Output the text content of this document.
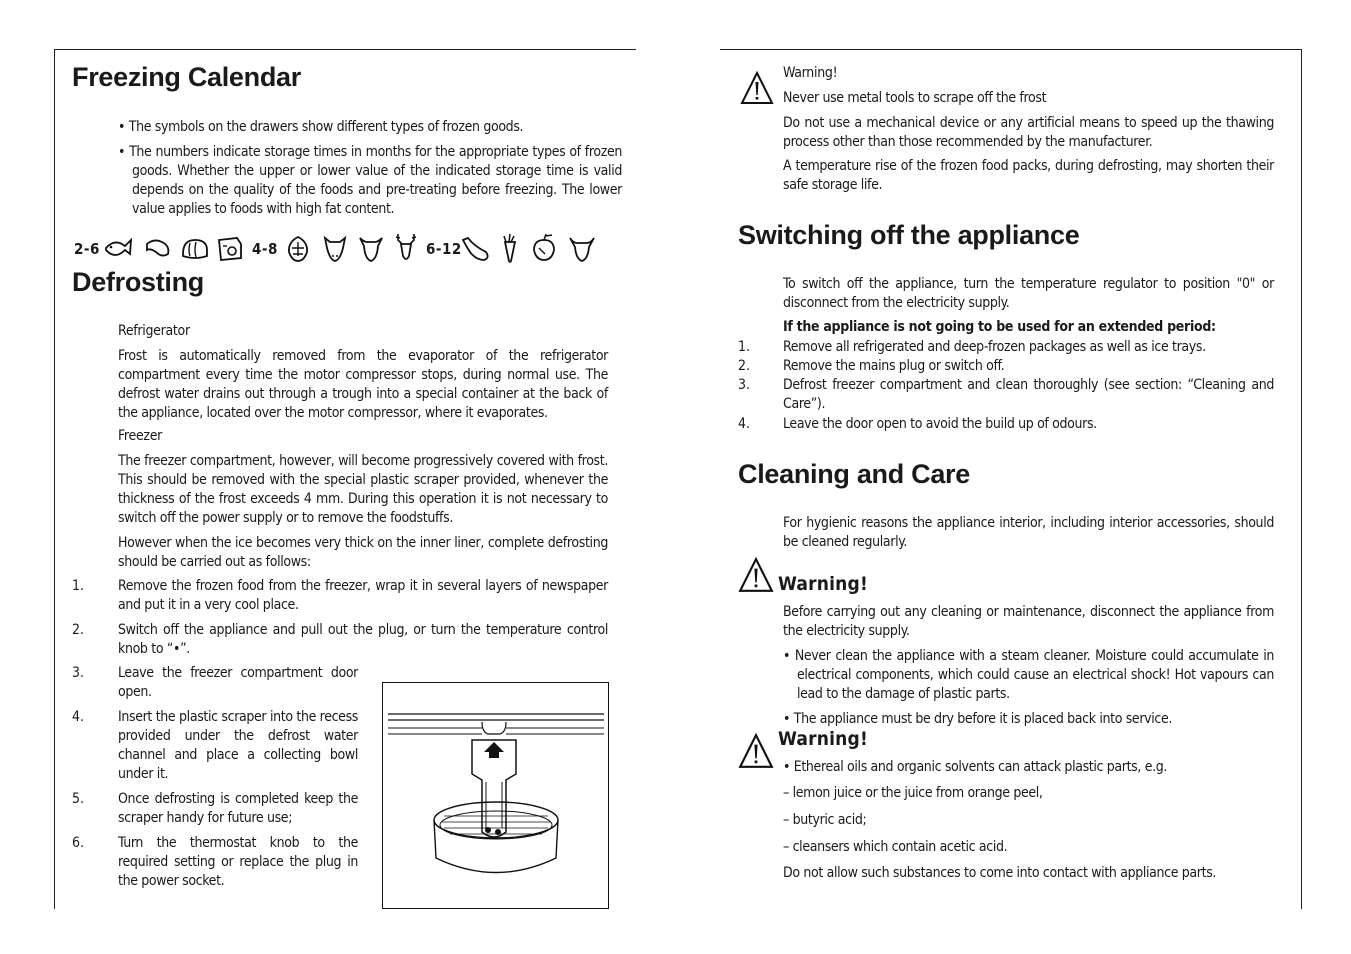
Freezing Calendar
• The symbols on the drawers show different types of frozen goods.
• The numbers indicate storage times in months for the appropriate types of frozen goods. Whether the upper or lower value of the indicated storage time is valid depends on the quality of the foods and pre-treating before freezing. The lower value applies to foods with high fat content.
2-6	4-8	6-12
Defrosting
Refrigerator
Frost is automatically removed from the evaporator of the refrigerator compartment every time the motor compressor stops, during normal use. The defrost water drains out through a trough into a special container at the back of the appliance, located over the motor compressor, where it evaporates.
Freezer
The freezer compartment, however, will become progressively covered with frost. This should be removed with the special plastic scraper provided, whenever the thickness of the frost exceeds 4 mm. During this operation it is not necessary to switch off the power supply or to remove the foodstuffs.
However when the ice becomes very thick on the inner liner, complete defrosting should be carried out as follows:
1. Remove the frozen food from the freezer, wrap it in several layers of newspaper and put it in a very cool place.
2. Switch off the appliance and pull out the plug, or turn the temperature control knob to “•”.
3. Leave the freezer compartment door open.
4. Insert the plastic scraper into the recess provided under the defrost water channel and place a collecting bowl under it.
5. Once defrosting is completed keep the scraper handy for future use;
6. Turn the thermostat knob to the required setting or replace the plug in the power socket.
Warning!
Never use metal tools to scrape off the frost
Do not use a mechanical device or any artificial means to speed up the thawing process other than those recommended by the manufacturer.
A temperature rise of the frozen food packs, during defrosting, may shorten their safe storage life.
Switching off the appliance
To switch off the appliance, turn the temperature regulator to position "0" or disconnect from the electricity supply.
If the appliance is not going to be used for an extended period:
1. Remove all refrigerated and deep-frozen packages as well as ice trays.
2. Remove the mains plug or switch off.
3. Defrost freezer compartment and clean thoroughly (see section: “Cleaning and Care”).
4. Leave the door open to avoid the build up of odours.
Cleaning and Care
For hygienic reasons the appliance interior, including interior accessories, should be cleaned regularly.
Warning!
Before carrying out any cleaning or maintenance, disconnect the appliance from the electricity supply.
• Never clean the appliance with a steam cleaner. Moisture could accumulate in electrical components, which could cause an electrical shock! Hot vapours can lead to the damage of plastic parts.
• The appliance must be dry before it is placed back into service.
Warning!
• Ethereal oils and organic solvents can attack plastic parts, e.g.
– lemon juice or the juice from orange peel,
– butyric acid;
– cleansers which contain acetic acid.
Do not allow such substances to come into contact with appliance parts.
